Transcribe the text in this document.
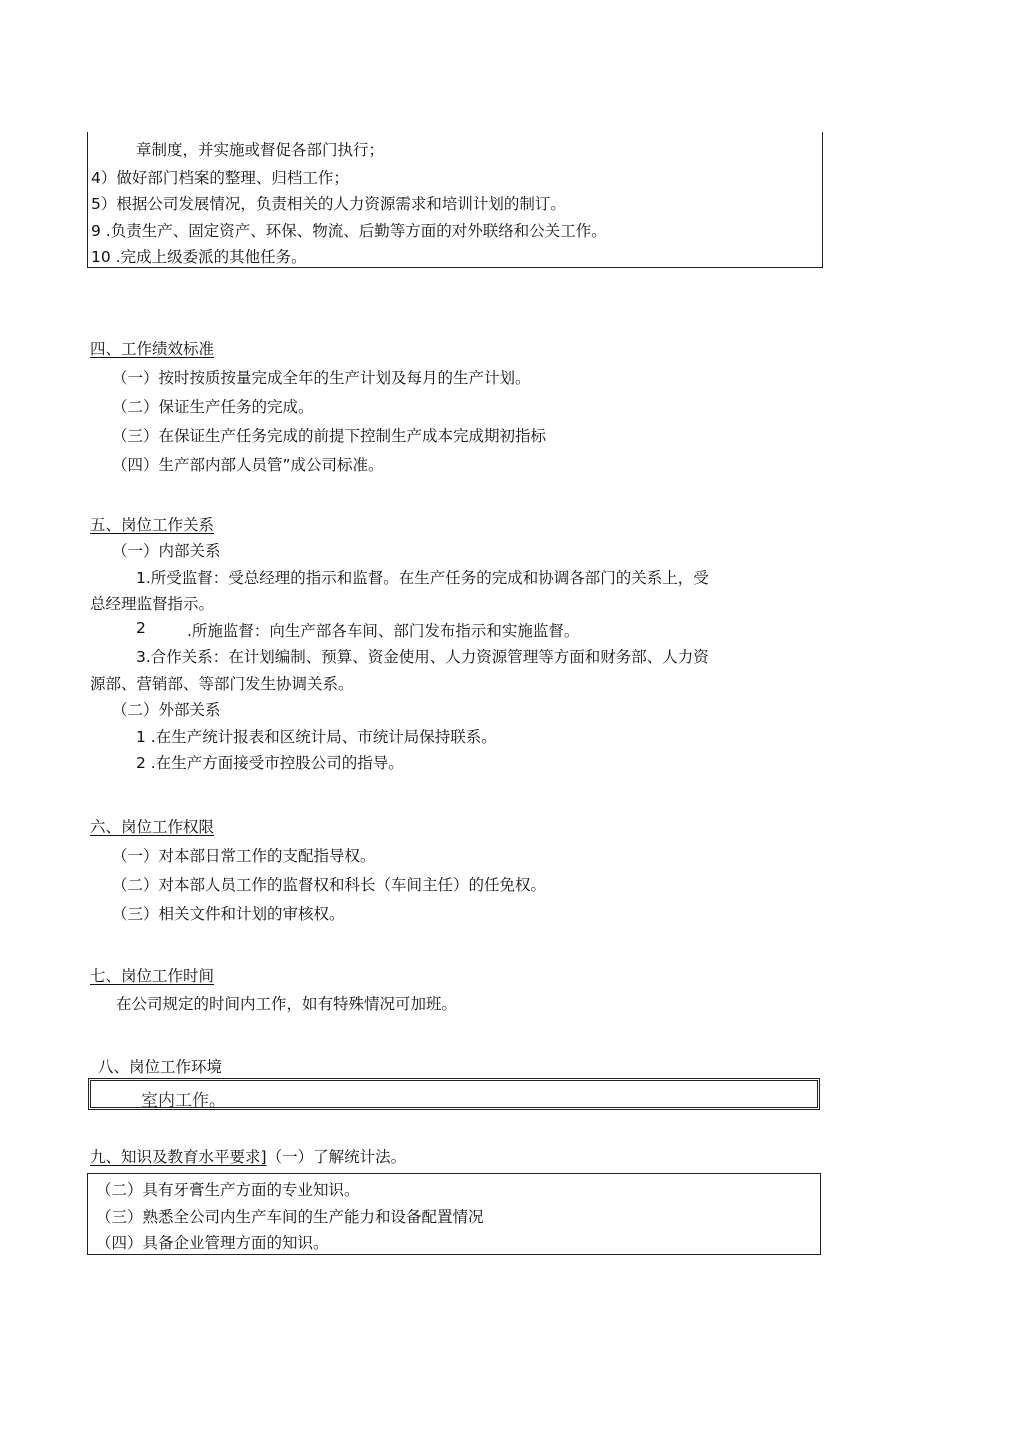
章制度，并实施或督促各部门执行；
4）做好部门档案的整理、归档工作；
5）根据公司发展情况，负责相关的人力资源需求和培训计划的制订。
9 .负责生产、固定资产、环保、物流、后勤等方面的对外联络和公关工作。
10 .完成上级委派的其他任务。
四、工作绩效标准
（一）按时按质按量完成全年的生产计划及每月的生产计划。
（二）保证生产任务的完成。
（三）在保证生产任务完成的前提下控制生产成本完成期初指标
（四）生产部内部人员管”成公司标准。
五、岗位工作关系
（一）内部关系
1.所受监督：受总经理的指示和监督。在生产任务的完成和协调各部门的关系上，受
总经理监督指示。
2	.所施监督：向生产部各车间、部门发布指示和实施监督。
3.合作关系：在计划编制、预算、资金使用、人力资源管理等方面和财务部、人力资
源部、营销部、等部门发生协调关系。
（二）外部关系
1 .在生产统计报表和区统计局、市统计局保持联系。
2 .在生产方面接受市控股公司的指导。
六、岗位工作权限
（一）对本部日常工作的支配指导权。
（二）对本部人员工作的监督权和科长（车间主任）的任免权。
（三）相关文件和计划的审核权。
七、岗位工作时间
在公司规定的时间内工作，如有特殊情况可加班。
八、岗位工作环境
室内工作。
九、知识及教育水平要求]（一）了解统计法。
（二）具有牙膏生产方面的专业知识。
（三）熟悉全公司内生产车间的生产能力和设备配置情况
（四）具备企业管理方面的知识。
